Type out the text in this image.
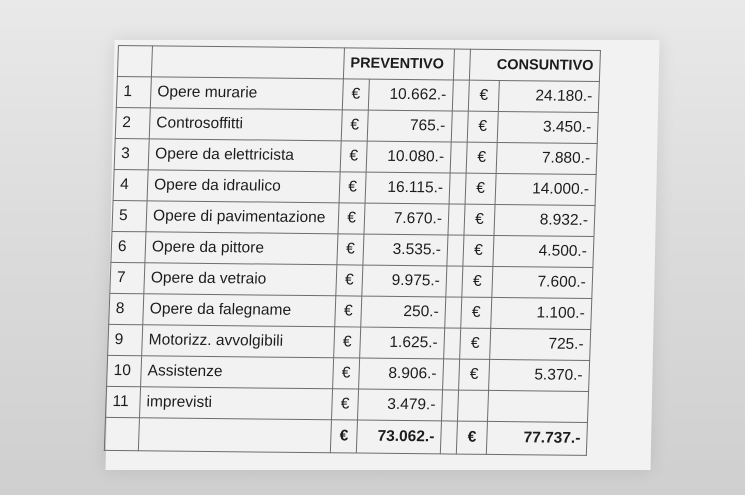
		PREVENTIVO			CONSUNTIVO	
1	Opere murarie	€	10.662.-		€	24.180.-
2	Controsoffitti	€	765.-		€	3.450.-
3	Opere da elettricista	€	10.080.-		€	7.880.-
4	Opere da idraulico	€	16.115.-		€	14.000.-
5	Opere di pavimentazione	€	7.670.-		€	8.932.-
6	Opere da pittore	€	3.535.-		€	4.500.-
7	Opere da vetraio	€	9.975.-		€	7.600.-
8	Opere da falegname	€	250.-		€	1.100.-
9	Motorizz. avvolgibili	€	1.625.-		€	725.-
10	Assistenze	€	8.906.-		€	5.370.-
11	imprevisti	€	3.479.-			
		€	73.062.-		€	77.737.-
